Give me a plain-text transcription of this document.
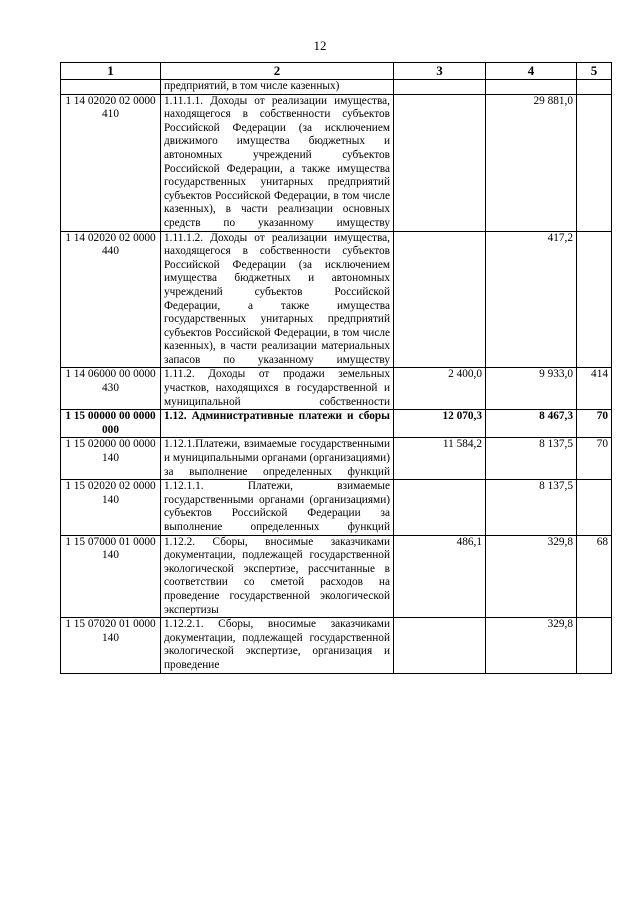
12
1	2	3	4	5

	предприятий, в том числе казенных)			

1 14 02020 02 0000 410	1.11.1.1. Доходы от реализации имущества, находящегося в собственности субъектов Российской Федерации (за исключением движимого имущества бюджетных и автономных учреждений субъектов Российской Федерации, а также имущества государственных унитарных предприятий субъектов Российской Федерации, в том числе казенных), в части реализации основных средств по указанному имуществу		29 881,0	
1 14 02020 02 0000 440	1.11.1.2. Доходы от реализации имущества, находящегося в собственности субъектов Российской Федерации (за исключением имущества бюджетных и автономных учреждений субъектов Российской Федерации, а также имущества государственных унитарных предприятий субъектов Российской Федерации, в том числе казенных), в части реализации материальных запасов по указанному имуществу		417,2	
1 14 06000 00 0000 430	1.11.2. Доходы от продажи земельных участков, находящихся в государственной и муниципальной собственности	2 400,0	9 933,0	414
1 15 00000 00 0000 000	1.12. Административные платежи и сборы	12 070,3	8 467,3	70
1 15 02000 00 0000 140	1.12.1.Платежи, взимаемые государственными и муниципальными органами (организациями) за выполнение определенных функций	11 584,2	8 137,5	70
1 15 02020 02 0000 140	1.12.1.1. Платежи, взимаемые государственными органами (организациями) субъектов Российской Федерации за выполнение определенных функций		8 137,5	
1 15 07000 01 0000 140	1.12.2. Сборы, вносимые заказчиками документации, подлежащей государственной экологической экспертизе, рассчитанные в соответствии со сметой расходов на проведение государственной экологической экспертизы	486,1	329,8	68
1 15 07020 01 0000 140	1.12.2.1. Сборы, вносимые заказчиками документации, подлежащей государственной экологической экспертизе, организация и проведение		329,8	
